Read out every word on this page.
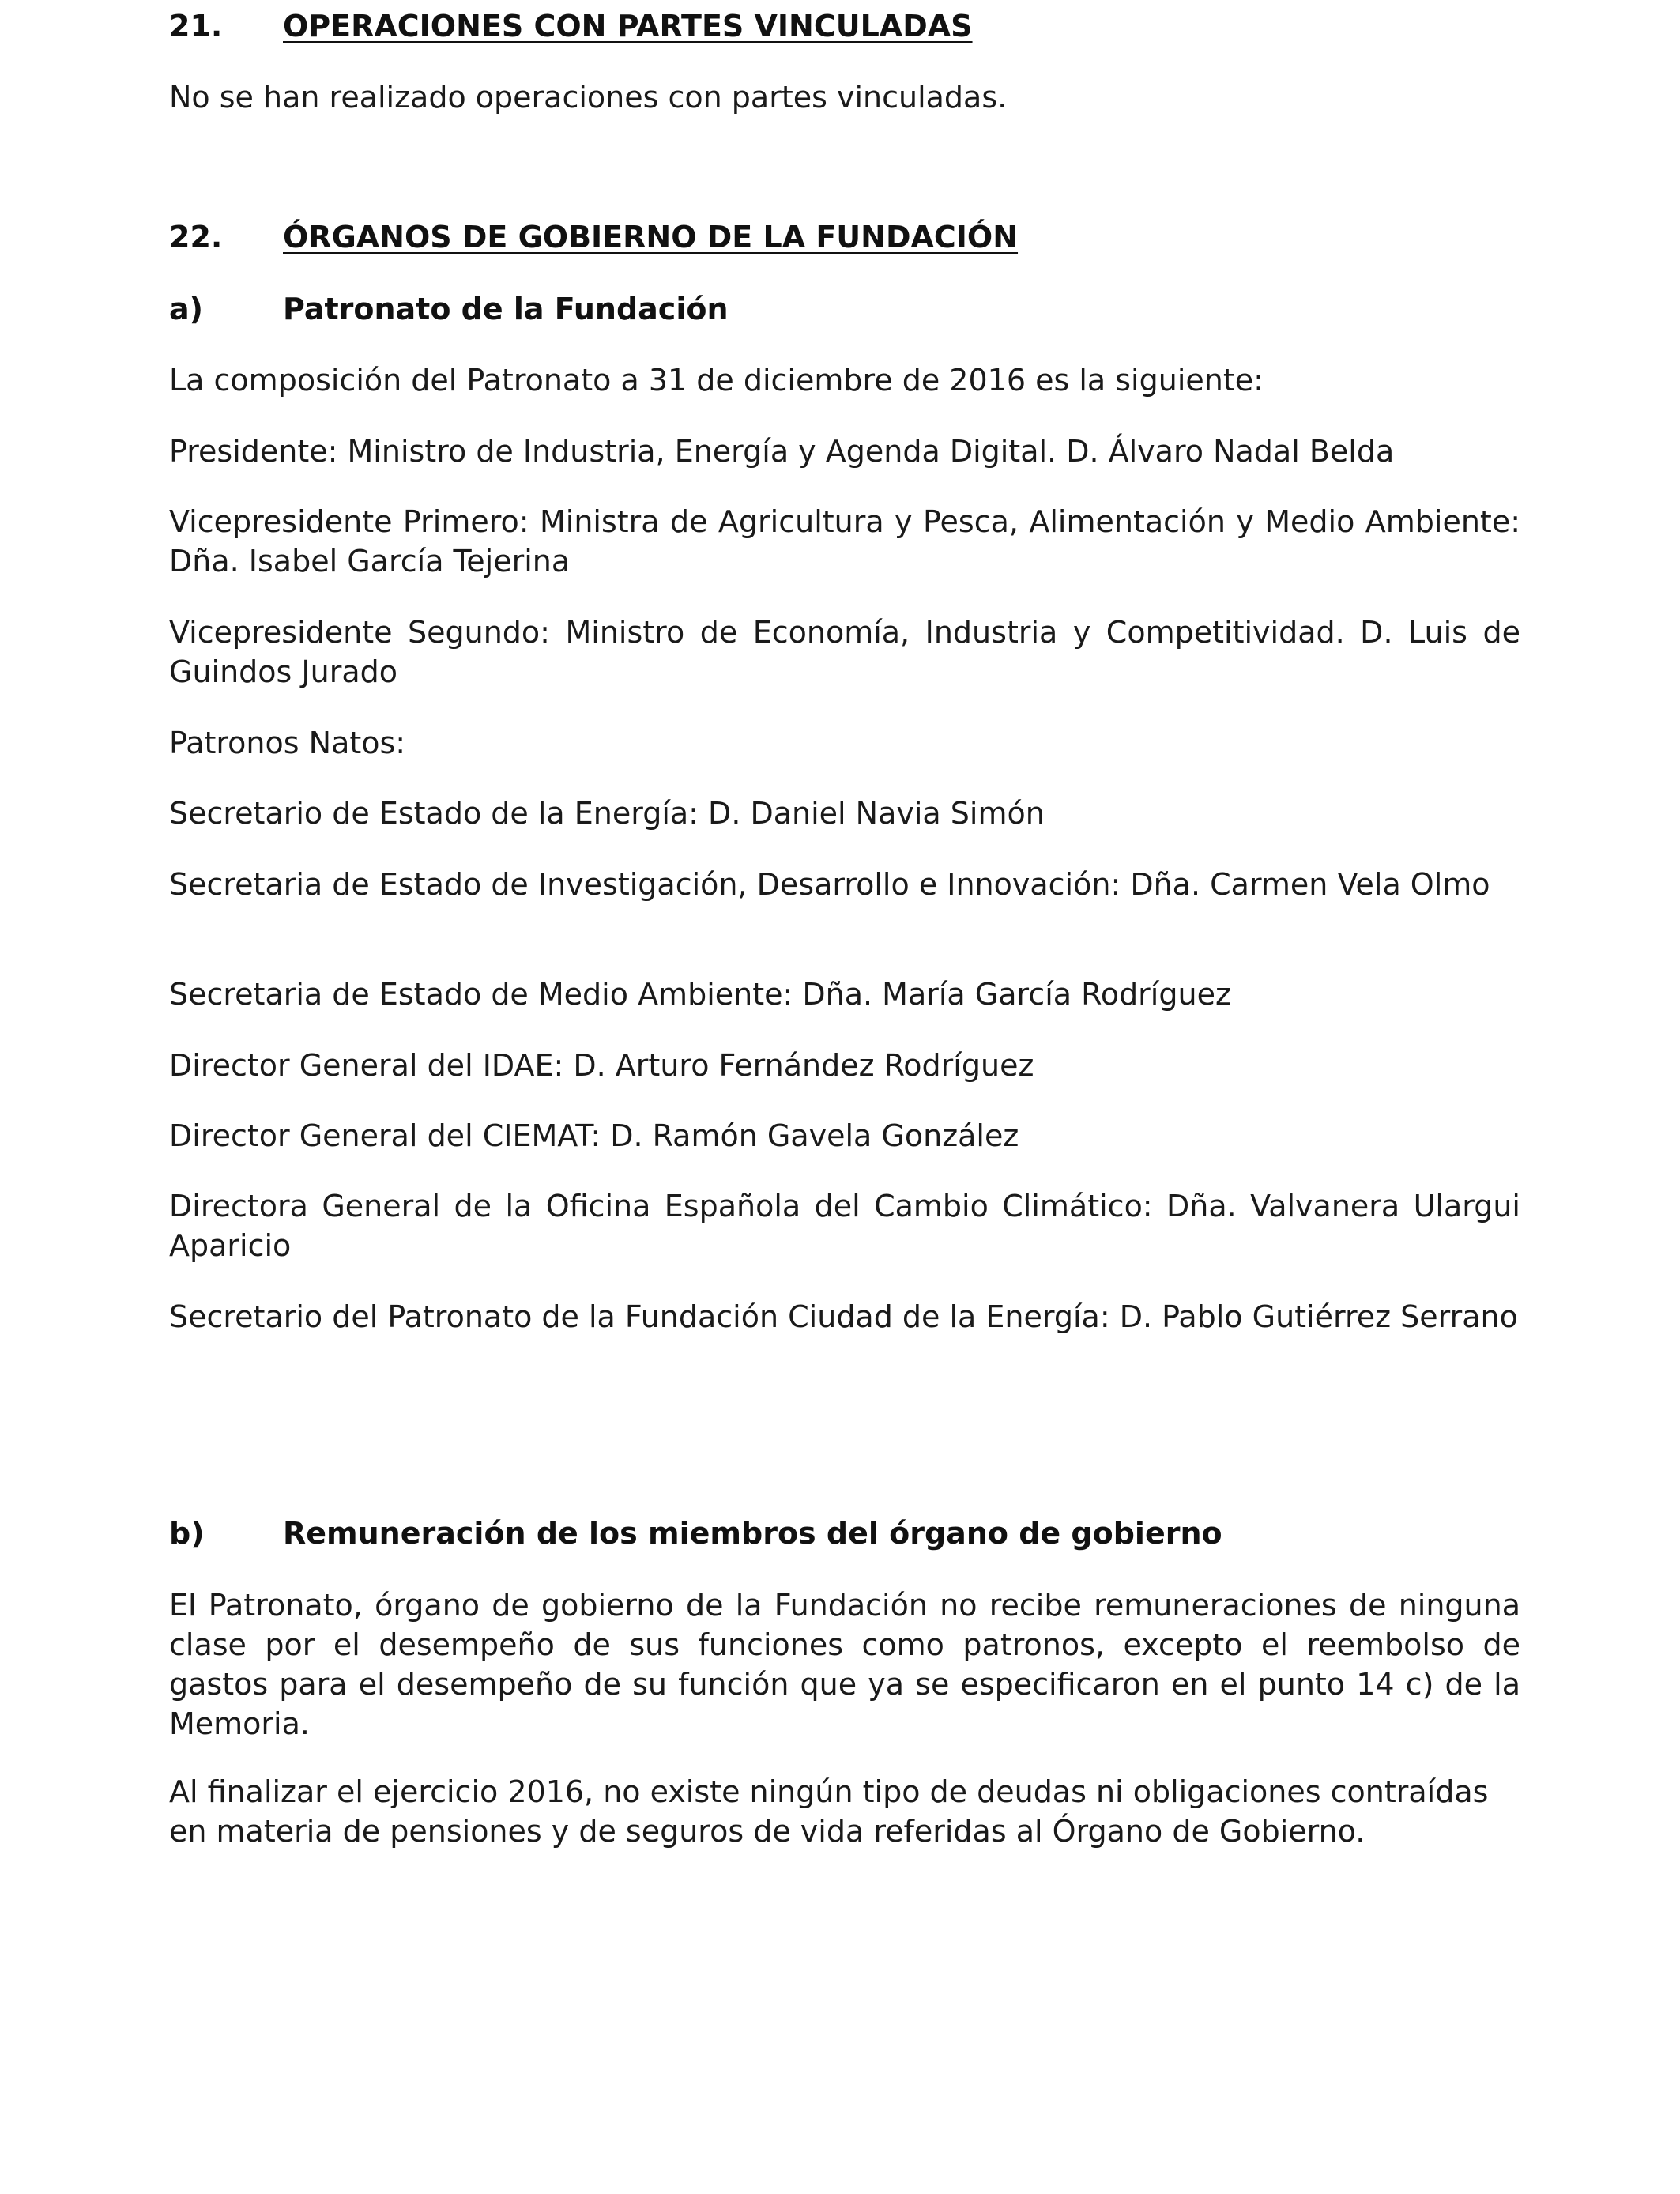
21. OPERACIONES CON PARTES VINCULADAS

No se han realizado operaciones con partes vinculadas.

22. ÓRGANOS DE GOBIERNO DE LA FUNDACIÓN
a)	Patronato de la Fundación

La composición del Patronato a 31 de diciembre de 2016 es la siguiente:

Presidente: Ministro de Industria, Energía y Agenda Digital. D. Álvaro Nadal Belda

Vicepresidente Primero: Ministra de Agricultura y Pesca, Alimentación y Medio Ambiente: Dña. Isabel García Tejerina

Vicepresidente Segundo: Ministro de Economía, Industria y Competitividad. D. Luis de Guindos Jurado

Patronos Natos:

Secretario de Estado de la Energía: D. Daniel Navia Simón

Secretaria de Estado de Investigación, Desarrollo e Innovación: Dña. Carmen Vela Olmo

Secretaria de Estado de Medio Ambiente: Dña. María García Rodríguez

Director General del IDAE: D. Arturo Fernández Rodríguez

Director General del CIEMAT: D. Ramón Gavela González

Directora General de la Oficina Española del Cambio Climático: Dña. Valvanera Ulargui Aparicio

Secretario del Patronato de la Fundación Ciudad de la Energía: D. Pablo Gutiérrez Serrano

b)	Remuneración de los miembros del órgano de gobierno

El Patronato, órgano de gobierno de la Fundación no recibe remuneraciones de ninguna clase por el desempeño de sus funciones como patronos, excepto el reembolso de gastos para el desempeño de su función que ya se especificaron en el punto 14 c) de la Memoria.

Al finalizar el ejercicio 2016, no existe ningún tipo de deudas ni obligaciones contraídas en materia de pensiones y de seguros de vida referidas al Órgano de Gobierno.
